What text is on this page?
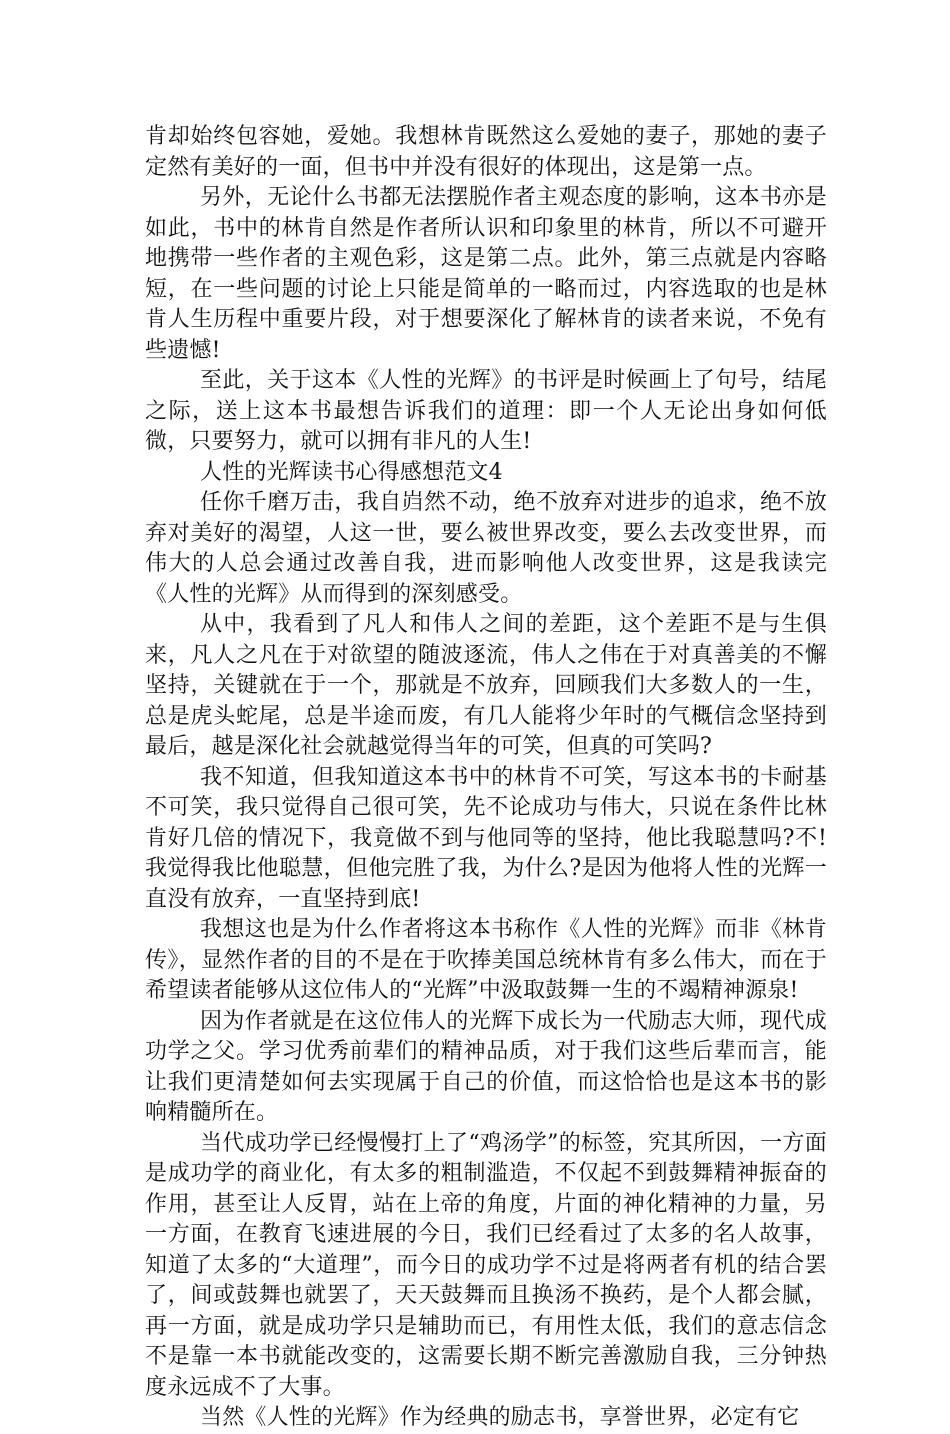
肯却始终包容她，爱她。我想林肯既然这么爱她的妻子，那她的妻子定然有美好的一面，但书中并没有很好的体现出，这是第一点。

另外，无论什么书都无法摆脱作者主观态度的影响，这本书亦是如此，书中的林肯自然是作者所认识和印象里的林肯，所以不可避开地携带一些作者的主观色彩，这是第二点。此外，第三点就是内容略短，在一些问题的讨论上只能是简单的一略而过，内容选取的也是林肯人生历程中重要片段，对于想要深化了解林肯的读者来说，不免有些遗憾!

至此，关于这本《人性的光辉》的书评是时候画上了句号，结尾之际，送上这本书最想告诉我们的道理：即一个人无论出身如何低微，只要努力，就可以拥有非凡的人生!

人性的光辉读书心得感想范文4

任你千磨万击，我自岿然不动，绝不放弃对进步的追求，绝不放弃对美好的渴望，人这一世，要么被世界改变，要么去改变世界，而伟大的人总会通过改善自我，进而影响他人改变世界，这是我读完《人性的光辉》从而得到的深刻感受。

从中，我看到了凡人和伟人之间的差距，这个差距不是与生俱来，凡人之凡在于对欲望的随波逐流，伟人之伟在于对真善美的不懈坚持，关键就在于一个，那就是不放弃，回顾我们大多数人的一生，总是虎头蛇尾，总是半途而废，有几人能将少年时的气概信念坚持到最后，越是深化社会就越觉得当年的可笑，但真的可笑吗?

我不知道，但我知道这本书中的林肯不可笑，写这本书的卡耐基不可笑，我只觉得自己很可笑，先不论成功与伟大，只说在条件比林肯好几倍的情况下，我竟做不到与他同等的坚持，他比我聪慧吗?不!我觉得我比他聪慧，但他完胜了我，为什么?是因为他将人性的光辉一直没有放弃，一直坚持到底!

我想这也是为什么作者将这本书称作《人性的光辉》而非《林肯传》，显然作者的目的不是在于吹捧美国总统林肯有多么伟大，而在于希望读者能够从这位伟人的“光辉”中汲取鼓舞一生的不竭精神源泉!

因为作者就是在这位伟人的光辉下成长为一代励志大师，现代成功学之父。学习优秀前辈们的精神品质，对于我们这些后辈而言，能让我们更清楚如何去实现属于自己的价值，而这恰恰也是这本书的影响精髓所在。

当代成功学已经慢慢打上了“鸡汤学”的标签，究其所因，一方面是成功学的商业化，有太多的粗制滥造，不仅起不到鼓舞精神振奋的作用，甚至让人反胃，站在上帝的角度，片面的神化精神的力量，另一方面，在教育飞速进展的今日，我们已经看过了太多的名人故事，知道了太多的“大道理”，而今日的成功学不过是将两者有机的结合罢了，间或鼓舞也就罢了，天天鼓舞而且换汤不换药，是个人都会腻，再一方面，就是成功学只是辅助而已，有用性太低，我们的意志信念不是靠一本书就能改变的，这需要长期不断完善激励自我，三分钟热度永远成不了大事。

当然《人性的光辉》作为经典的励志书，享誉世界，必定有它
